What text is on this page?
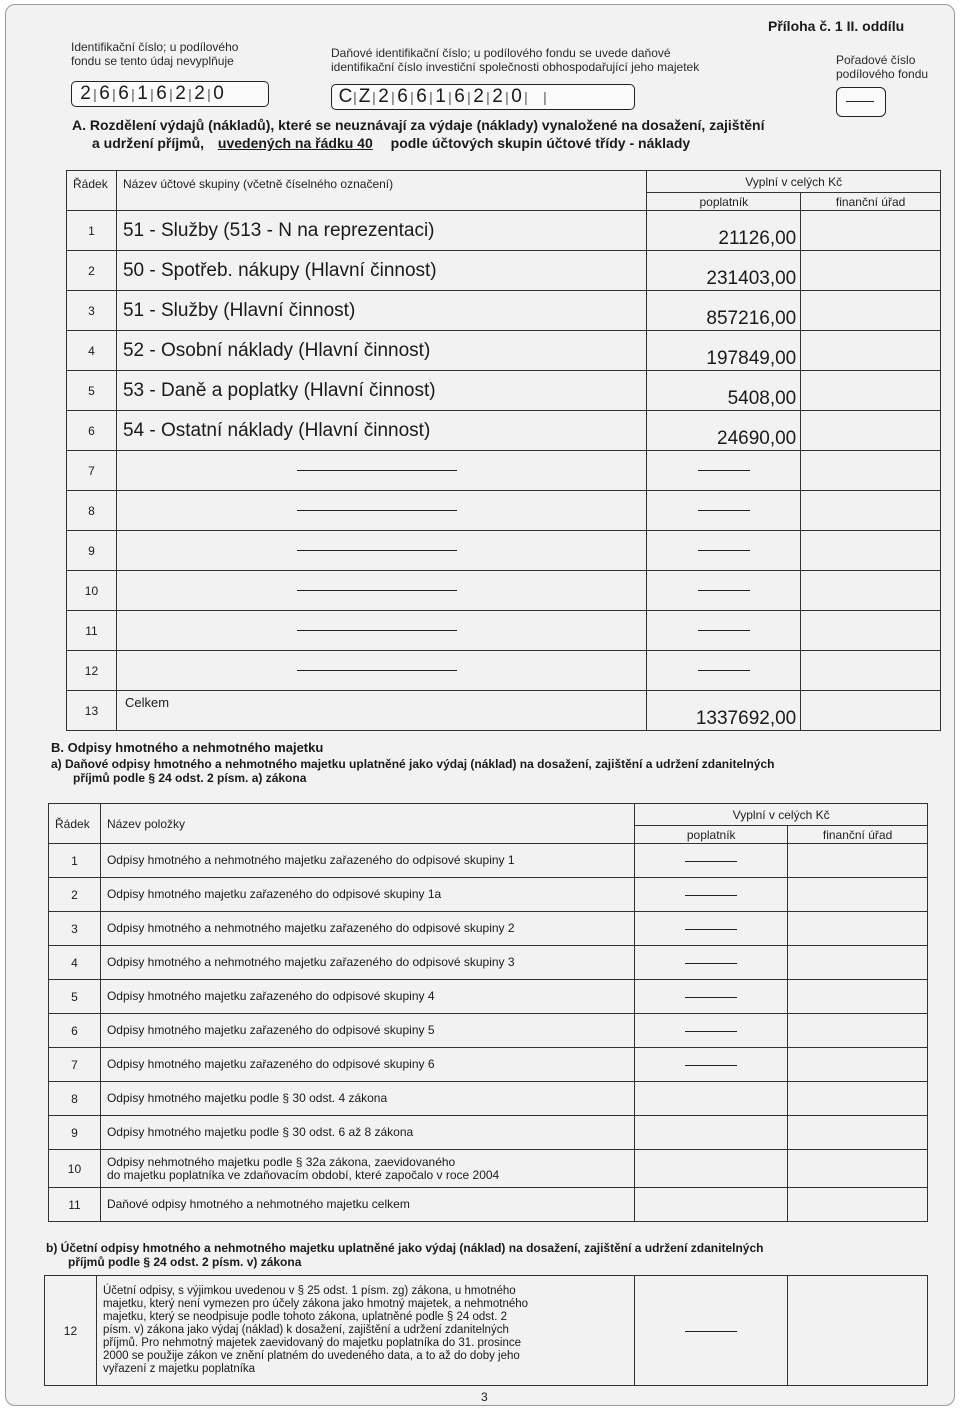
Příloha č. 1 II. oddílu
Identifikační číslo; u podílového
fondu se tento údaj nevyplňuje
2 | 6 | 6 | 1 | 6 | 2 | 2 | 0
Daňové identifikační číslo; u podílového fondu se uvede daňové
identifikační číslo investiční společnosti obhospodařující jeho majetek
C | Z | 2 | 6 | 6 | 1 | 6 | 2 | 2 | 0 | |
Pořadové číslo
podílového fondu
A. Rozdělení výdajů (nákladů), které se neuznávají za výdaje (náklady) vynaložené na dosažení, zajištění
a udržení příjmů, uvedených na řádku 40 podle účtových skupin účtové třídy - náklady
Řádek	Název účtové skupiny (včetně číselného označení)	Vyplní v celých Kč	
		poplatník	finanční úřad
1	51 - Služby (513 - N na reprezentaci)	21126,00	
2	50 - Spotřeb. nákupy (Hlavní činnost)	231403,00	
3	51 - Služby (Hlavní činnost)	857216,00	
4	52 - Osobní náklady (Hlavní činnost)	197849,00	
5	53 - Daně a poplatky (Hlavní činnost)	5408,00	
6	54 - Ostatní náklady (Hlavní činnost)	24690,00	
7			
8			
9			
10			
11			
12			
13	Celkem	1337692,00	
B. Odpisy hmotného a nehmotného majetku
a) Daňové odpisy hmotného a nehmotného majetku uplatněné jako výdaj (náklad) na dosažení, zajištění a udržení zdanitelných
příjmů podle § 24 odst. 2 písm. a) zákona
Řádek	Název položky	Vyplní v celých Kč	
		poplatník	finanční úřad
1	Odpisy hmotného a nehmotného majetku zařazeného do odpisové skupiny 1		
2	Odpisy hmotného majetku zařazeného do odpisové skupiny 1a		
3	Odpisy hmotného a nehmotného majetku zařazeného do odpisové skupiny 2		
4	Odpisy hmotného a nehmotného majetku zařazeného do odpisové skupiny 3		
5	Odpisy hmotného majetku zařazeného do odpisové skupiny 4		
6	Odpisy hmotného majetku zařazeného do odpisové skupiny 5		
7	Odpisy hmotného majetku zařazeného do odpisové skupiny 6		
8	Odpisy hmotného majetku podle § 30 odst. 4 zákona		
9	Odpisy hmotného majetku podle § 30 odst. 6 až 8 zákona		
10	Odpisy nehmotného majetku podle § 32a zákona, zaevidovaného
do majetku poplatníka ve zdaňovacím období, které započalo v roce 2004		
11	Daňové odpisy hmotného a nehmotného majetku celkem		
b) Účetní odpisy hmotného a nehmotného majetku uplatněné jako výdaj (náklad) na dosažení, zajištění a udržení zdanitelných
příjmů podle § 24 odst. 2 písm. v) zákona
12	Účetní odpisy, s výjimkou uvedenou v § 25 odst. 1 písm. zg) zákona, u hmotného
majetku, který není vymezen pro účely zákona jako hmotný majetek, a nehmotného
majetku, který se neodpisuje podle tohoto zákona, uplatněné podle § 24 odst. 2
písm. v) zákona jako výdaj (náklad) k dosažení, zajištění a udržení zdanitelných
příjmů. Pro nehmotný majetek zaevidovaný do majetku poplatníka do 31. prosince
2000 se použije zákon ve znění platném do uvedeného data, a to až do doby jeho
vyřazení z majetku poplatníka		
3
